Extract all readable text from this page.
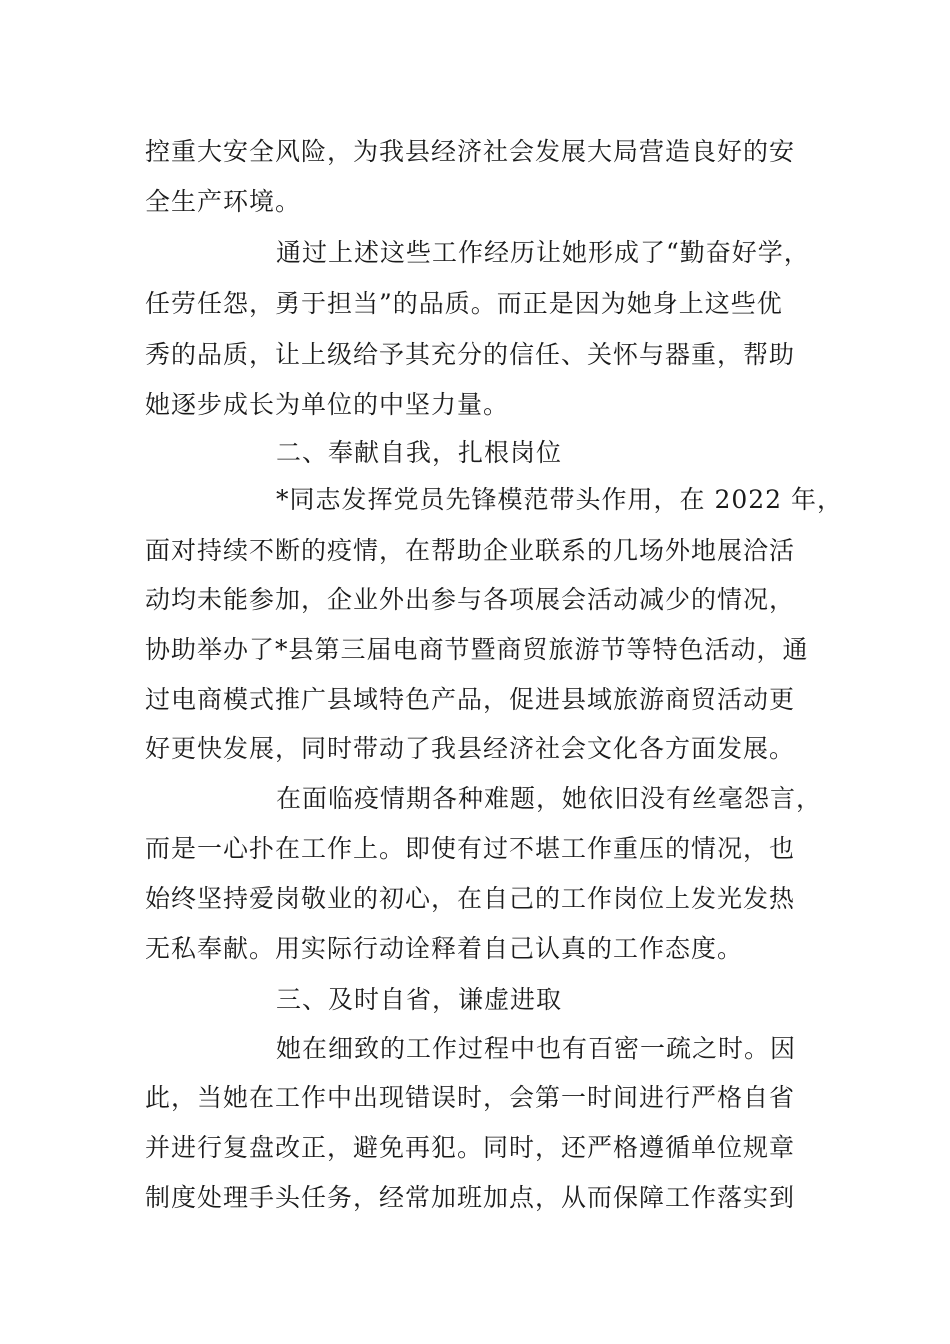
控重大安全风险，为我县经济社会发展大局营造良好的安
全生产环境。
通过上述这些工作经历让她形成了“勤奋好学，
任劳任怨，勇于担当”的品质。而正是因为她身上这些优
秀的品质，让上级给予其充分的信任、关怀与器重，帮助
她逐步成长为单位的中坚力量。
二、奉献自我，扎根岗位
*同志发挥党员先锋模范带头作用，在 2022 年，
面对持续不断的疫情，在帮助企业联系的几场外地展洽活
动均未能参加，企业外出参与各项展会活动减少的情况，
协助举办了*县第三届电商节暨商贸旅游节等特色活动，通
过电商模式推广县域特色产品，促进县域旅游商贸活动更
好更快发展，同时带动了我县经济社会文化各方面发展。
在面临疫情期各种难题，她依旧没有丝毫怨言，
而是一心扑在工作上。即使有过不堪工作重压的情况，也
始终坚持爱岗敬业的初心，在自己的工作岗位上发光发热
无私奉献。用实际行动诠释着自己认真的工作态度。
三、及时自省，谦虚进取
她在细致的工作过程中也有百密一疏之时。因
此，当她在工作中出现错误时，会第一时间进行严格自省
并进行复盘改正，避免再犯。同时，还严格遵循单位规章
制度处理手头任务，经常加班加点，从而保障工作落实到
